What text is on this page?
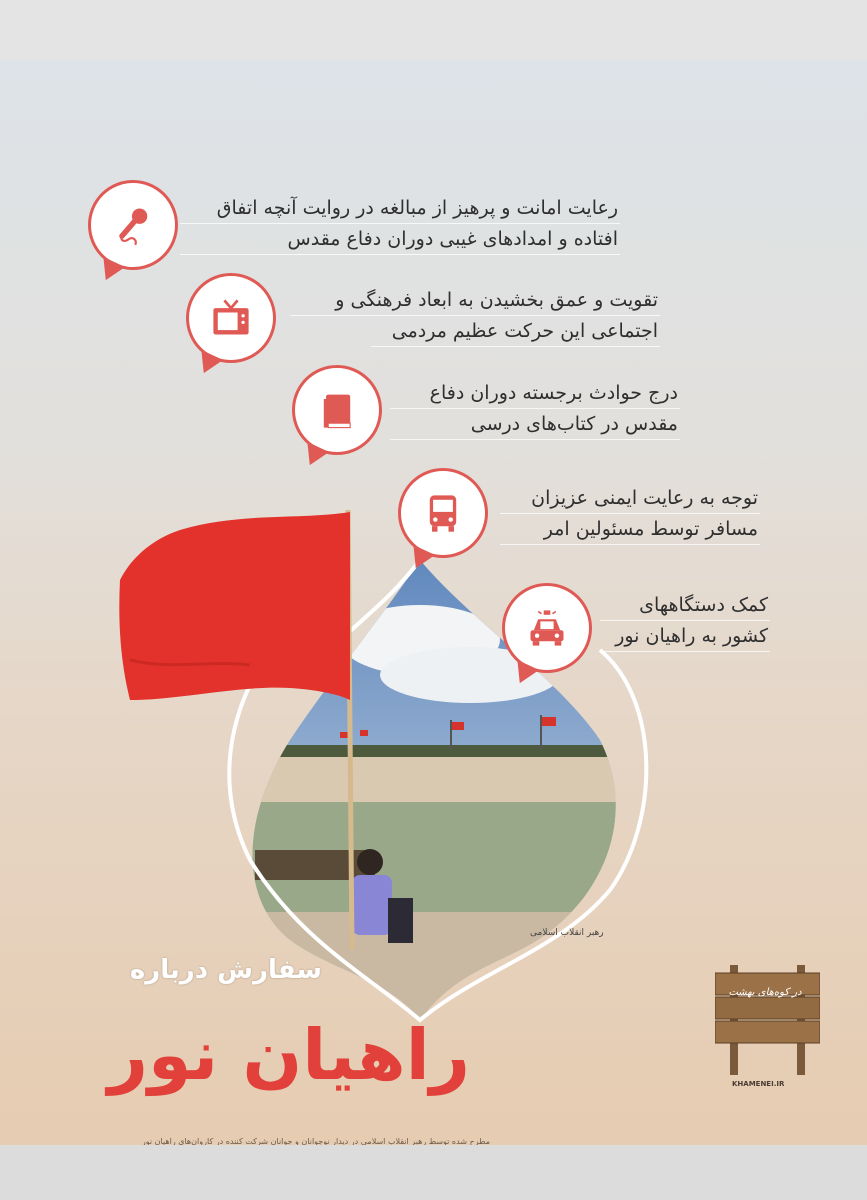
رهبر انقلاب اسلامی
رعایت امانت و پرهیز از مبالغه در روایت آنچه اتفاق
افتاده و امدادهای غیبی دوران دفاع مقدس
تقویت و عمق بخشیدن به ابعاد فرهنگی و
اجتماعی این حرکت عظیم مردمی
درج حوادث برجسته دوران دفاع
مقدس در کتاب‌های درسی
توجه به رعایت ایمنی عزیزان
مسافر توسط مسئولین امر
کمک دستگاههای
کشور به راهیان نور
سفارش درباره
راهیان نور
مطرح شده توسط رهبر انقلاب اسلامی در دیدار نوجوانان و جوانان شرکت کننده در کاروان‌های راهیان نور
در کوه‌های بهشت
KHAMENEI.IR
